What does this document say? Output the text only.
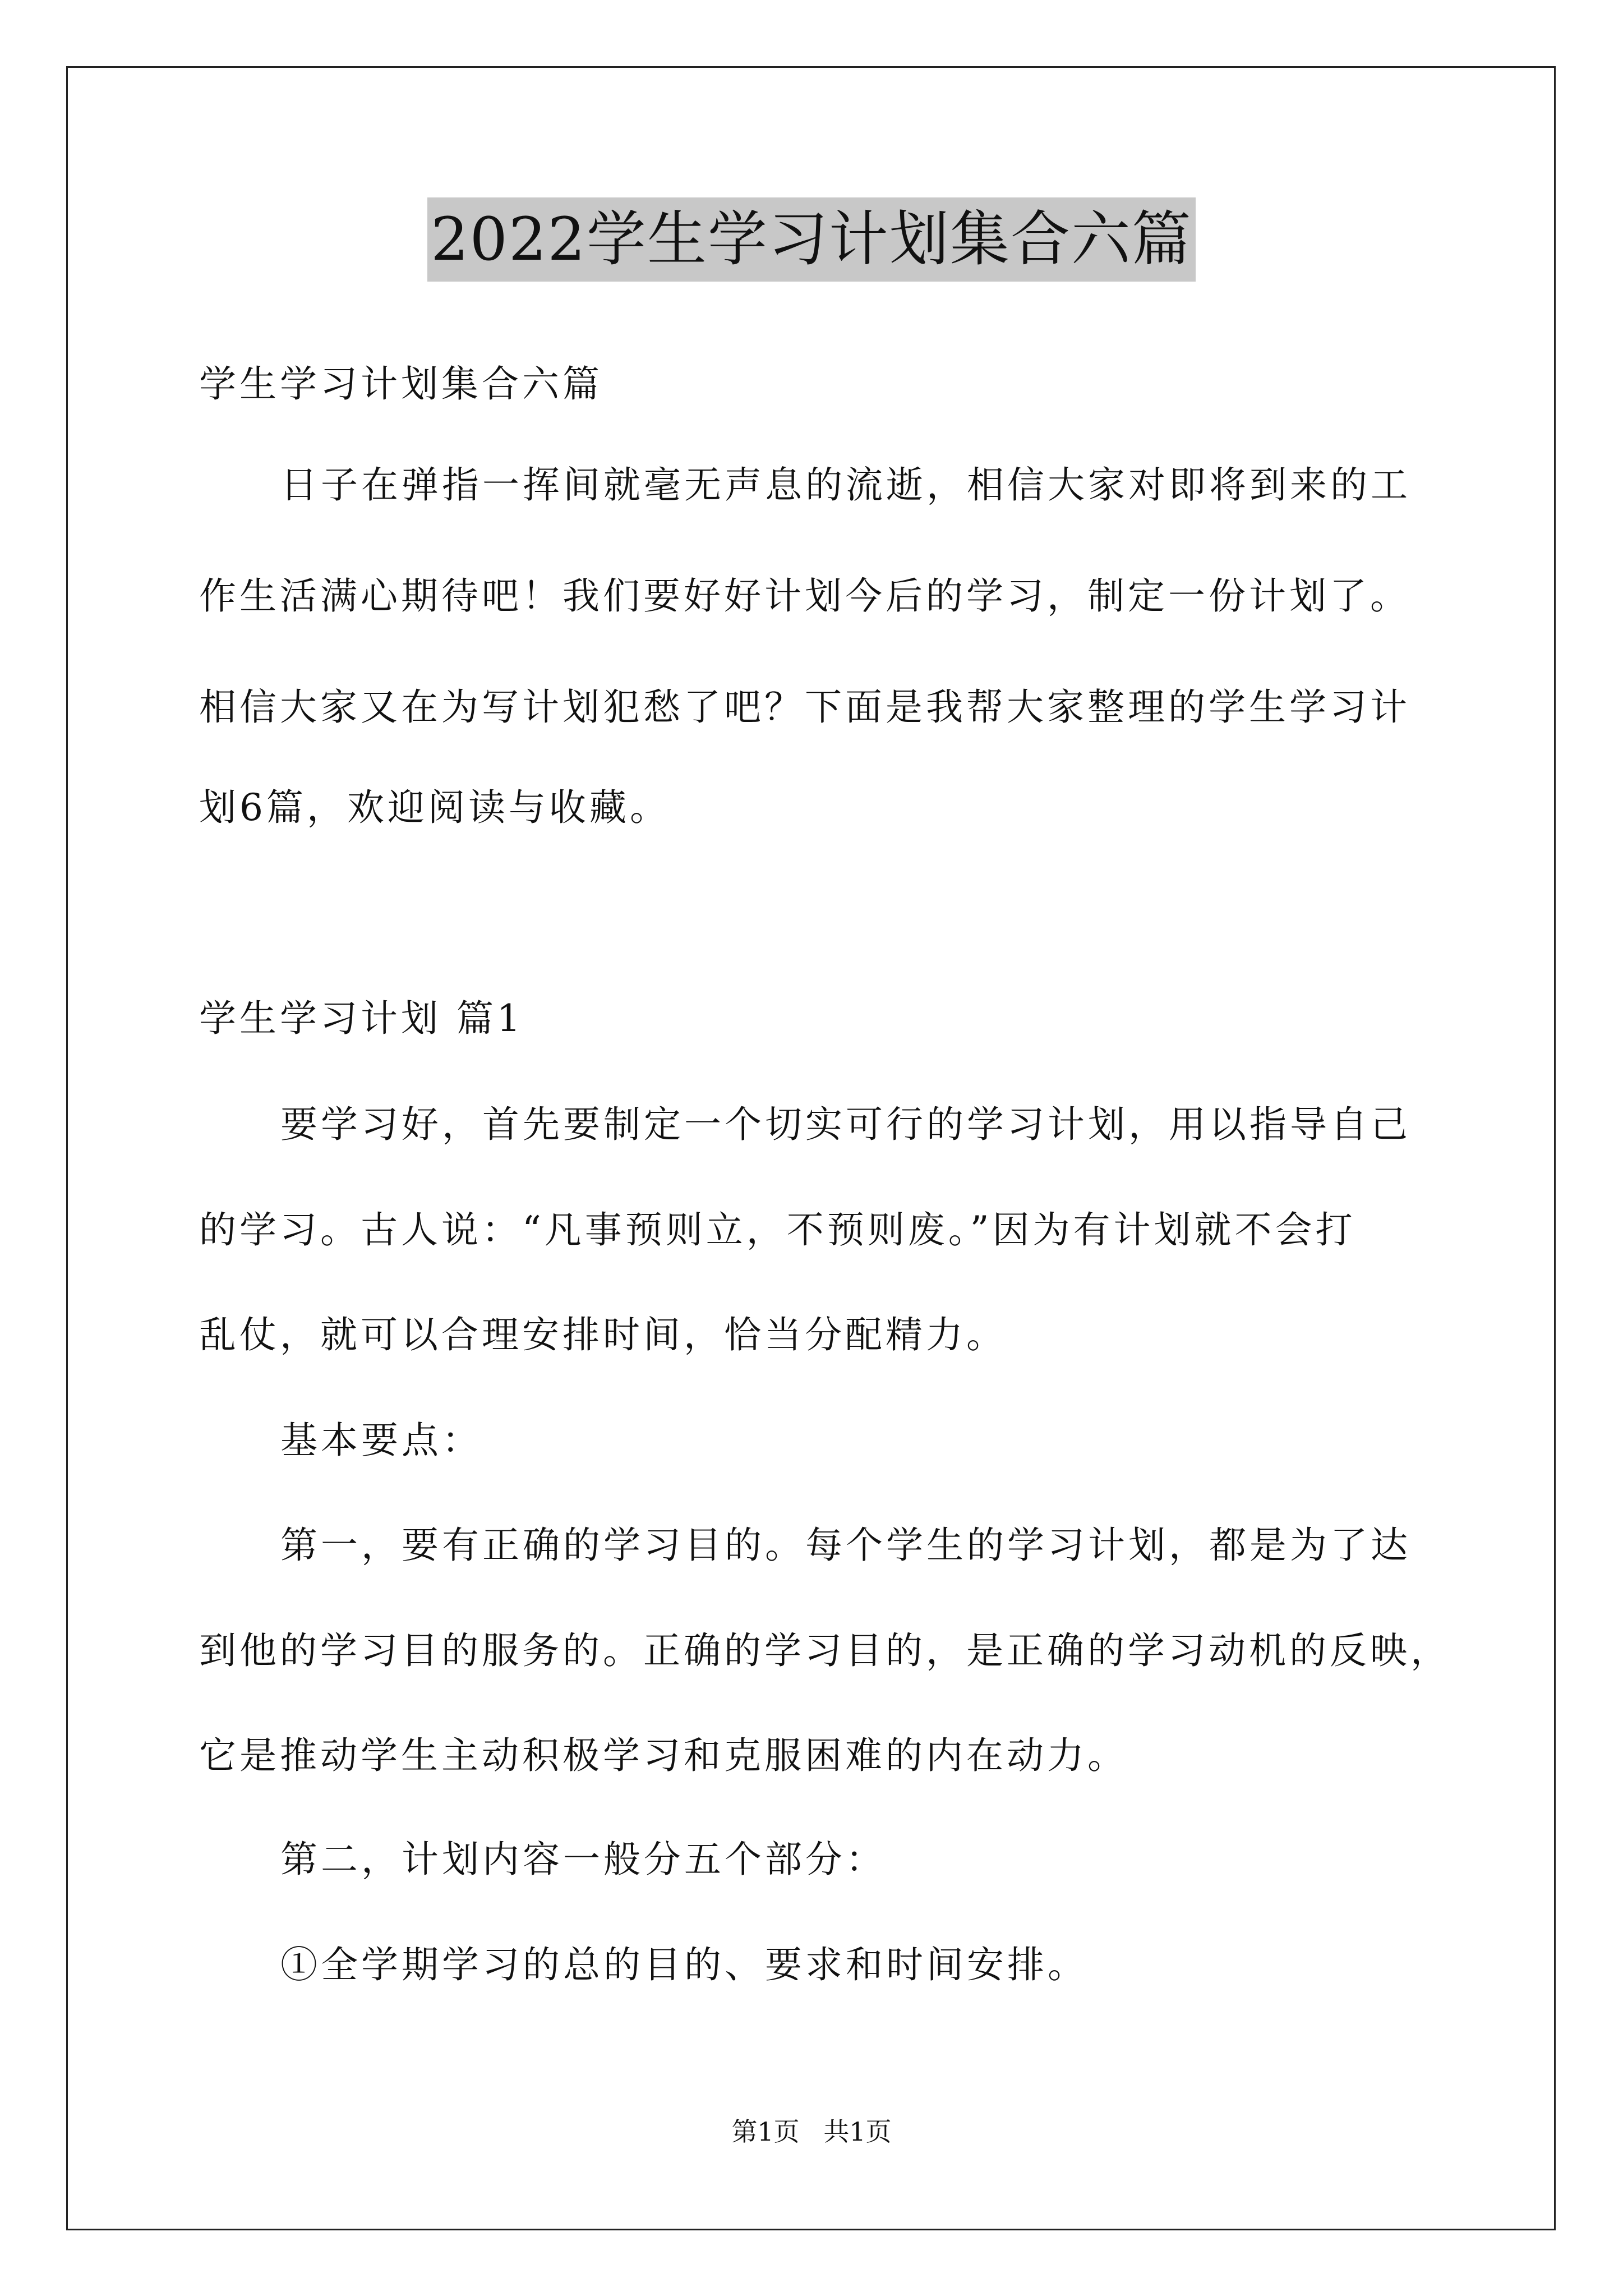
2022学生学习计划集合六篇

学生学习计划集合六篇

日子在弹指一挥间就毫无声息的流逝，相信大家对即将到来的工

作生活满心期待吧！我们要好好计划今后的学习，制定一份计划了。

相信大家又在为写计划犯愁了吧？下面是我帮大家整理的学生学习计

划6篇，欢迎阅读与收藏。

学生学习计划 篇1

要学习好，首先要制定一个切实可行的学习计划，用以指导自己

的学习。古人说：“凡事预则立，不预则废。”因为有计划就不会打

乱仗，就可以合理安排时间，恰当分配精力。

基本要点：

第一，要有正确的学习目的。每个学生的学习计划，都是为了达

到他的学习目的服务的。正确的学习目的，是正确的学习动机的反映，

它是推动学生主动积极学习和克服困难的内在动力。

第二，计划内容一般分五个部分：

①全学期学习的总的目的、要求和时间安排。

第1页 共1页
